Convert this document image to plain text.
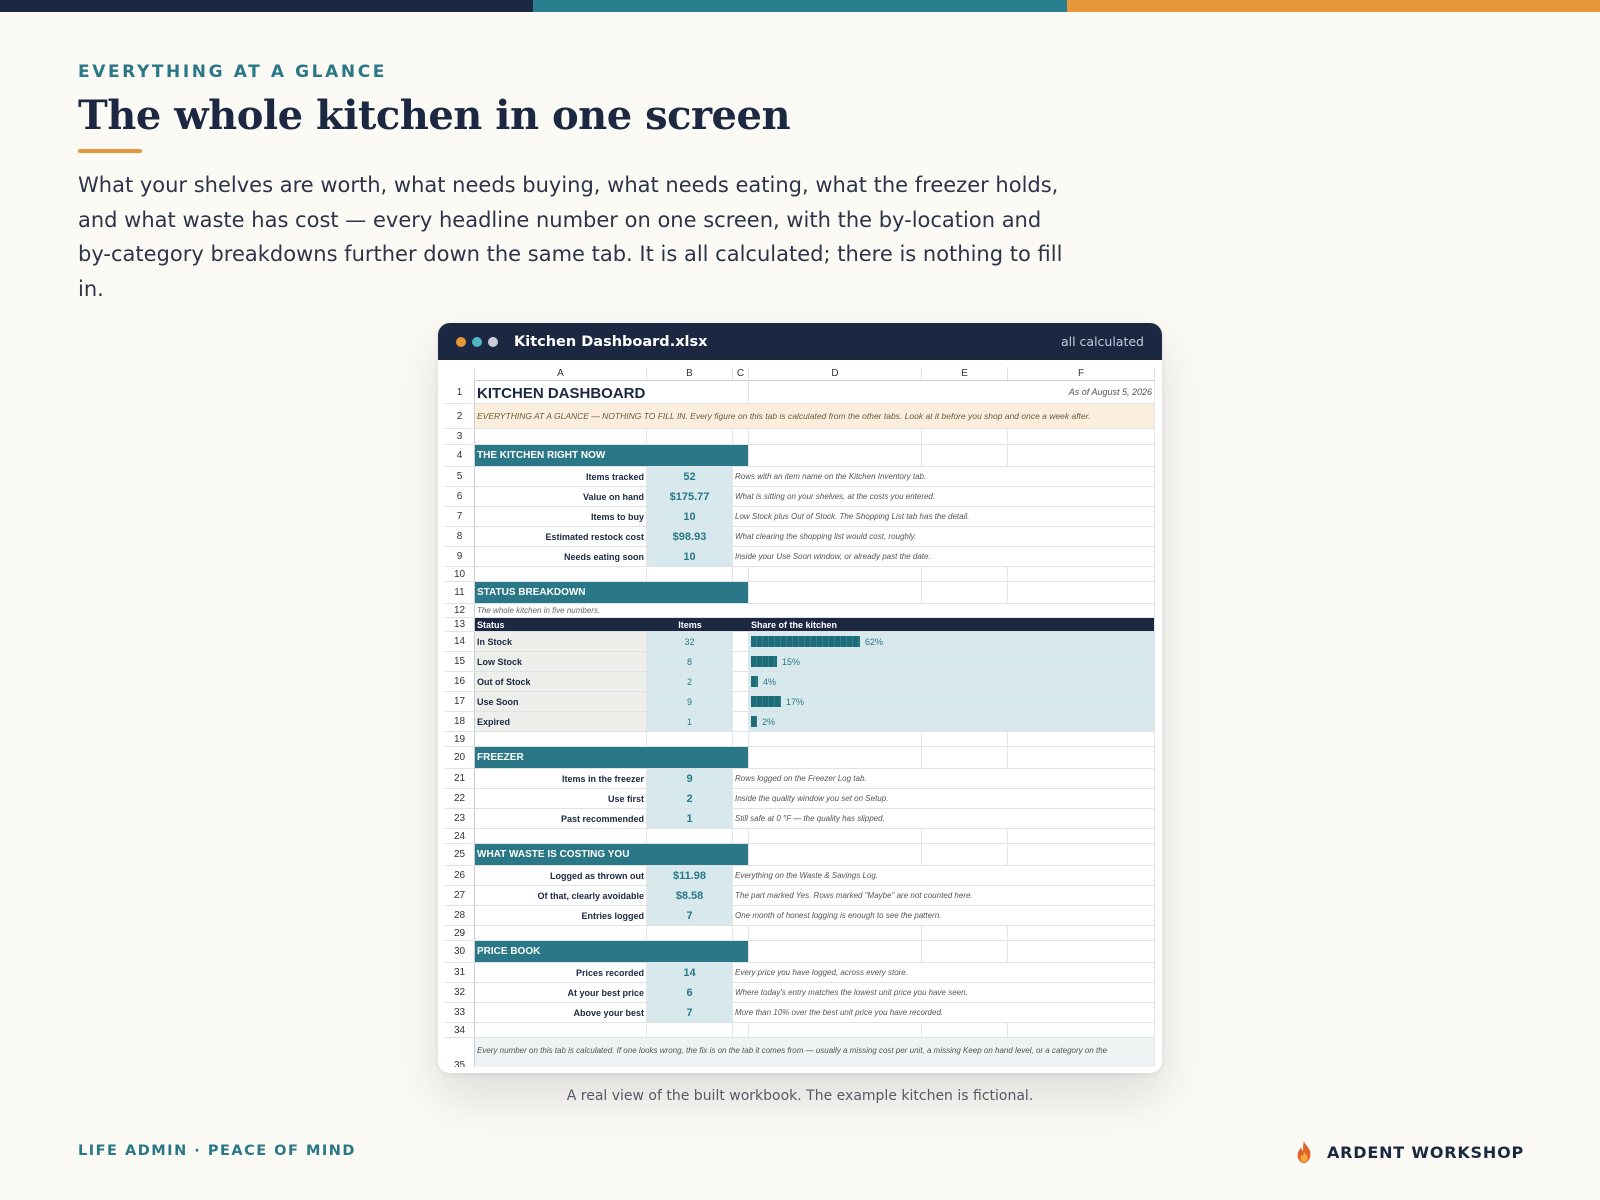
EVERYTHING AT A GLANCE
The whole kitchen in one screen

What your shelves are worth, what needs buying, what needs eating, what the freezer holds, and what waste has cost — every headline number on one screen, with the by-location and by-category breakdowns further down the same tab. It is all calculated; there is nothing to fill in.

Kitchen Dashboard.xlsx	all calculated
A	B	C	D	E	F
1 KITCHEN DASHBOARD	As of August 5, 2026
2	EVERYTHING AT A GLANCE — NOTHING TO FILL IN. Every figure on this tab is calculated from the other tabs. Look at it before you shop and once a week after.
3
4	THE KITCHEN RIGHT NOW
5	Items tracked	52	Rows with an item name on the Kitchen Inventory tab.
6	Value on hand	$175.77	What is sitting on your shelves, at the costs you entered.
7	Items to buy	10	Low Stock plus Out of Stock. The Shopping List tab has the detail.
8	Estimated restock cost	$98.93	What clearing the shopping list would cost, roughly.
9	Needs eating soon	10	Inside your Use Soon window, or already past the date.
10
11	STATUS BREAKDOWN
12	The whole kitchen in five numbers.
13	Status	Items	Share of the kitchen
14	In Stock	32	62%
15	Low Stock	8	15%
16	Out of Stock	2	4%
17	Use Soon	9	17%
18	Expired	1	2%
19
20	FREEZER
21	Items in the freezer	9	Rows logged on the Freezer Log tab.
22	Use first	2	Inside the quality window you set on Setup.
23	Past recommended	1	Still safe at 0 °F — the quality has slipped.
24
25	WHAT WASTE IS COSTING YOU
26	Logged as thrown out	$11.98	Everything on the Waste & Savings Log.
27	Of that, clearly avoidable	$8.58	The part marked Yes. Rows marked "Maybe" are not counted here.
28	Entries logged	7	One month of honest logging is enough to see the pattern.
29
30	PRICE BOOK
31	Prices recorded	14	Every price you have logged, across every store.
32	At your best price	6	Where today's entry matches the lowest unit price you have seen.
33	Above your best	7	More than 10% over the best unit price you have recorded.
34
35
Every number on this tab is calculated. If one looks wrong, the fix is on the tab it comes from — usually a missing cost per unit, a missing Keep on hand level, or a category on the
A real view of the built workbook. The example kitchen is fictional.
LIFE ADMIN · PEACE OF MIND	ARDENT WORKSHOP
